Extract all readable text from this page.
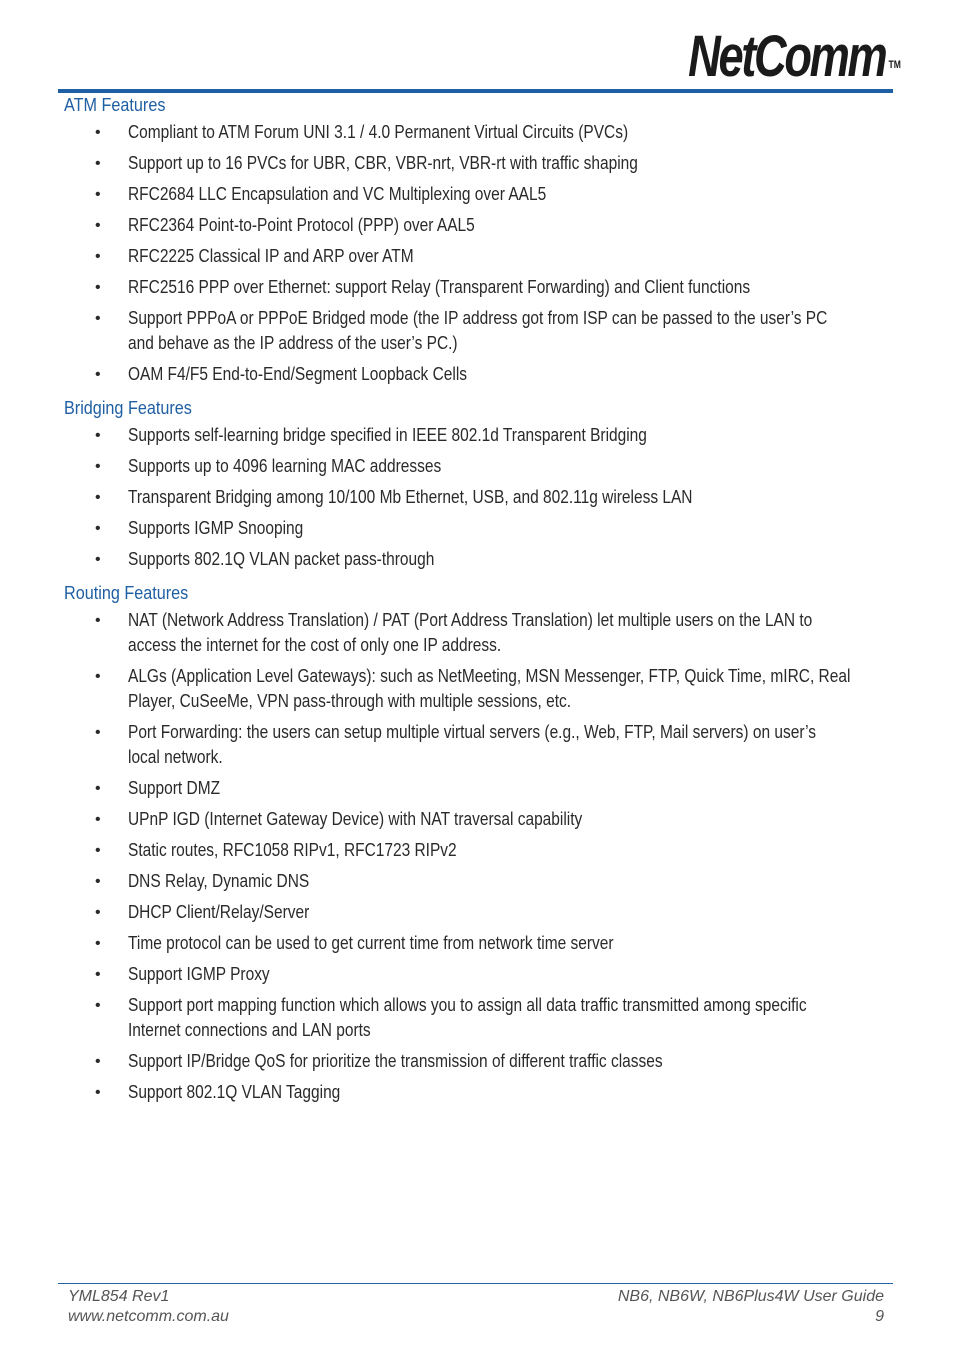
NetComm ™
ATM Features
• Compliant to ATM Forum UNI 3.1 / 4.0 Permanent Virtual Circuits (PVCs)
• Support up to 16 PVCs for UBR, CBR, VBR-nrt, VBR-rt with traffic shaping
• RFC2684 LLC Encapsulation and VC Multiplexing over AAL5
• RFC2364 Point-to-Point Protocol (PPP) over AAL5
• RFC2225 Classical IP and ARP over ATM
• RFC2516 PPP over Ethernet: support Relay (Transparent Forwarding) and Client functions
• Support PPPoA or PPPoE Bridged mode (the IP address got from ISP can be passed to the user’s PC and behave as the IP address of the user’s PC.)
• OAM F4/F5 End-to-End/Segment Loopback Cells
Bridging Features
• Supports self-learning bridge specified in IEEE 802.1d Transparent Bridging
• Supports up to 4096 learning MAC addresses
• Transparent Bridging among 10/100 Mb Ethernet, USB, and 802.11g wireless LAN
• Supports IGMP Snooping
• Supports 802.1Q VLAN packet pass-through
Routing Features
• NAT (Network Address Translation) / PAT (Port Address Translation) let multiple users on the LAN to access the internet for the cost of only one IP address.
• ALGs (Application Level Gateways): such as NetMeeting, MSN Messenger, FTP, Quick Time, mIRC, Real Player, CuSeeMe, VPN pass-through with multiple sessions, etc.
• Port Forwarding: the users can setup multiple virtual servers (e.g., Web, FTP, Mail servers) on user’s local network.
• Support DMZ
• UPnP IGD (Internet Gateway Device) with NAT traversal capability
• Static routes, RFC1058 RIPv1, RFC1723 RIPv2
• DNS Relay, Dynamic DNS
• DHCP Client/Relay/Server
• Time protocol can be used to get current time from network time server
• Support IGMP Proxy
• Support port mapping function which allows you to assign all data traffic transmitted among specific Internet connections and LAN ports
• Support IP/Bridge QoS for prioritize the transmission of different traffic classes
• Support 802.1Q VLAN Tagging
YML854 Rev1
www.netcomm.com.au
NB6, NB6W, NB6Plus4W User Guide
9
